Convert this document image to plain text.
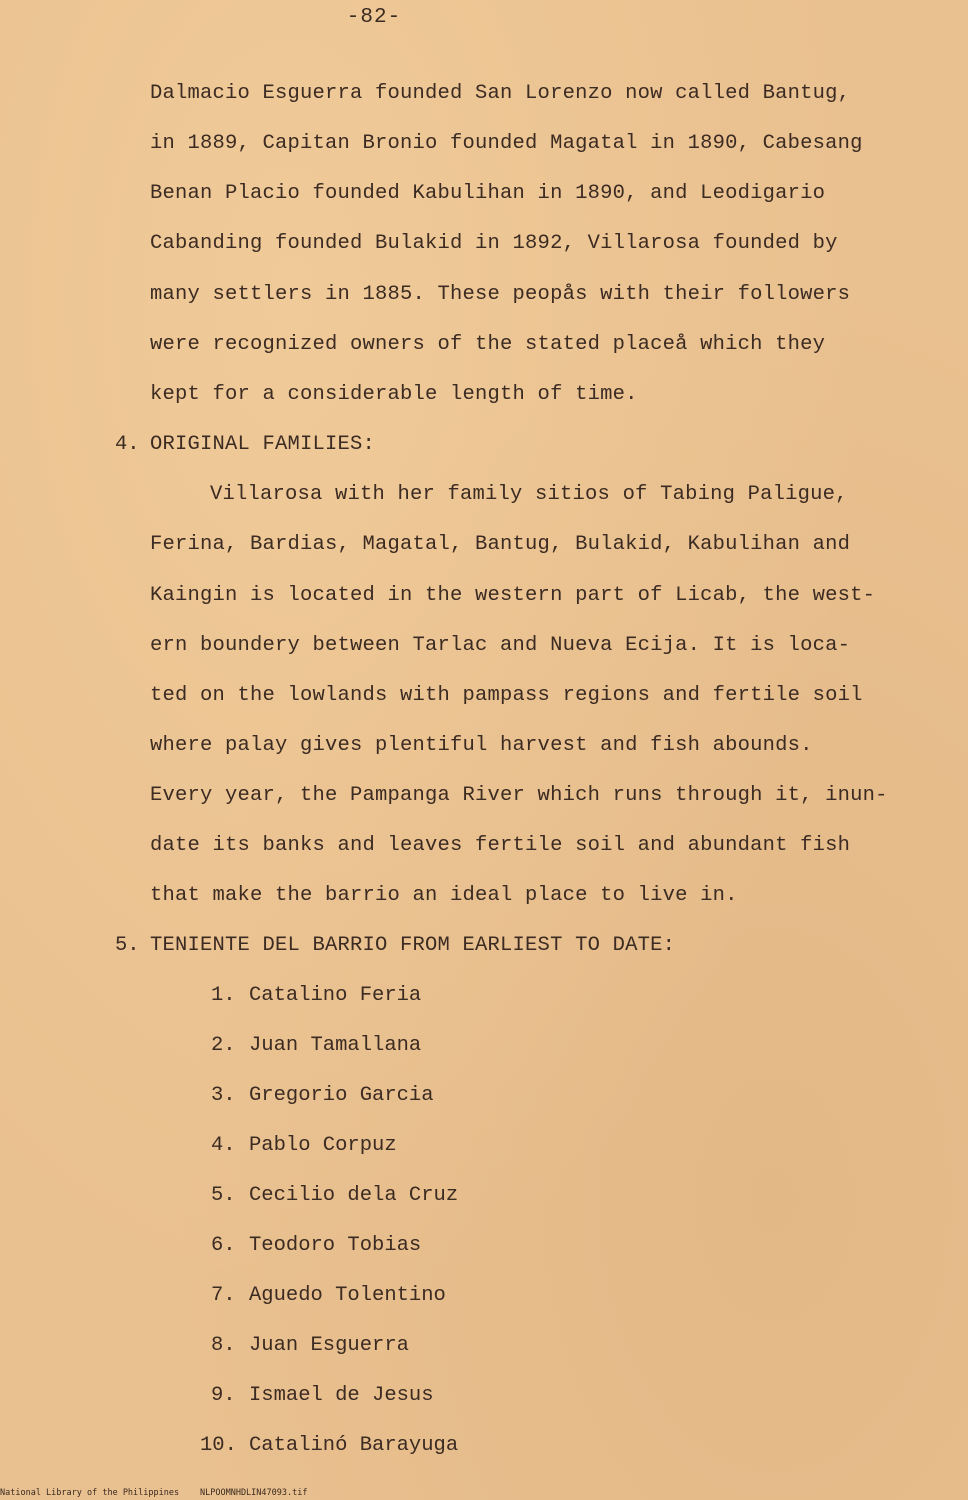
-82-
Dalmacio Esguerra founded San Lorenzo now called Bantug,
in 1889, Capitan Bronio founded Magatal in 1890, Cabesang
Benan Placio founded Kabulihan in 1890, and Leodigario
Cabanding founded Bulakid in 1892, Villarosa founded by
many settlers in 1885. These peopås with their followers
were recognized owners of the stated placeå which they
kept for a considerable length of time.
4. ORIGINAL FAMILIES:
Villarosa with her family sitios of Tabing Paligue,
Ferina, Bardias, Magatal, Bantug, Bulakid, Kabulihan and
Kaingin is located in the western part of Licab, the west-
ern boundery between Tarlac and Nueva Ecija. It is loca-
ted on the lowlands with pampass regions and fertile soil
where palay gives plentiful harvest and fish abounds.
Every year, the Pampanga River which runs through it, inun-
date its banks and leaves fertile soil and abundant fish
that make the barrio an ideal place to live in.
5. TENIENTE DEL BARRIO FROM EARLIEST TO DATE:
1. Catalino Feria
2. Juan Tamallana
3. Gregorio Garcia
4. Pablo Corpuz
5. Cecilio dela Cruz
6. Teodoro Tobias
7. Aguedo Tolentino
8. Juan Esguerra
9. Ismael de Jesus
10. Catalinó Barayuga
National Library of the Philippines NLPOOMNHDLIN47093.tif
